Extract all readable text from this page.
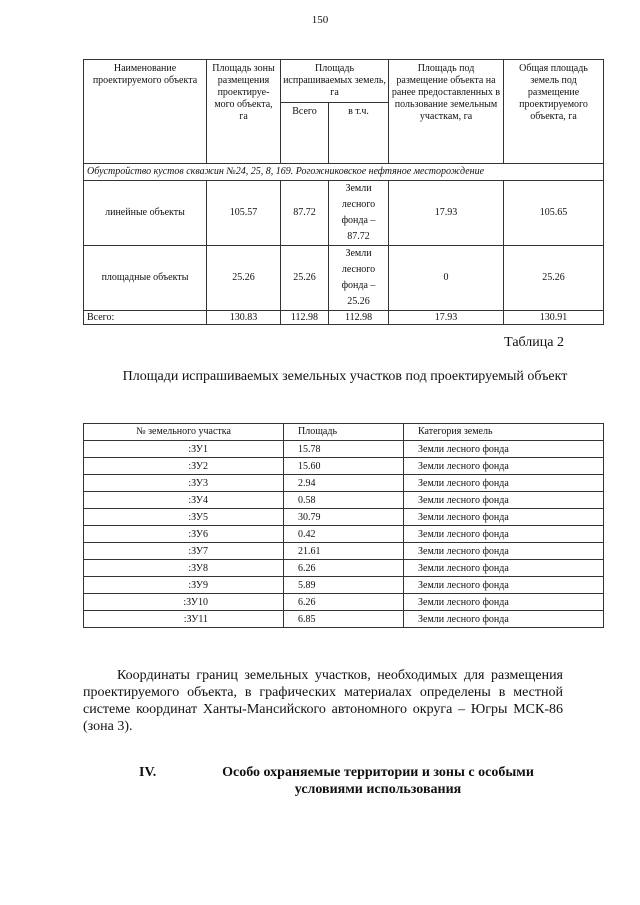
150
Наименование проектируемого объекта	Площадь зоны размещения проектируе-мого объекта, га	Площадь испрашиваемых земель, га		Площадь под размещение объекта на ранее предоставленных в пользование земельным участкам, га	Общая площадь земель под размещение проектируемого объекта, га
		Всего	в т.ч.		
Обустройство кустов скважин №24, 25, 8, 169. Рогожниковское нефтяное месторождение					
линейные объекты	105.57	87.72	Земли лесного фонда – 87.72	17.93	105.65
площадные объекты	25.26	25.26	Земли лесного фонда – 25.26	0	25.26
Всего:	130.83	112.98	112.98	17.93	130.91
Таблица 2
Площади испрашиваемых земельных участков под проектируемый объект
№ земельного участка	Площадь	Категория земель
:ЗУ1	15.78	Земли лесного фонда
:ЗУ2	15.60	Земли лесного фонда
:ЗУ3	2.94	Земли лесного фонда
:ЗУ4	0.58	Земли лесного фонда
:ЗУ5	30.79	Земли лесного фонда
:ЗУ6	0.42	Земли лесного фонда
:ЗУ7	21.61	Земли лесного фонда
:ЗУ8	6.26	Земли лесного фонда
:ЗУ9	5.89	Земли лесного фонда
:ЗУ10	6.26	Земли лесного фонда
:ЗУ11	6.85	Земли лесного фонда
Координаты границ земельных участков, необходимых для размещения проектируемого объекта, в графических материалах определены в местной системе координат Ханты-Мансийского автономного округа – Югры МСК-86 (зона 3).
IV.	Особо охраняемые территории и зоны с особыми условиями использования
